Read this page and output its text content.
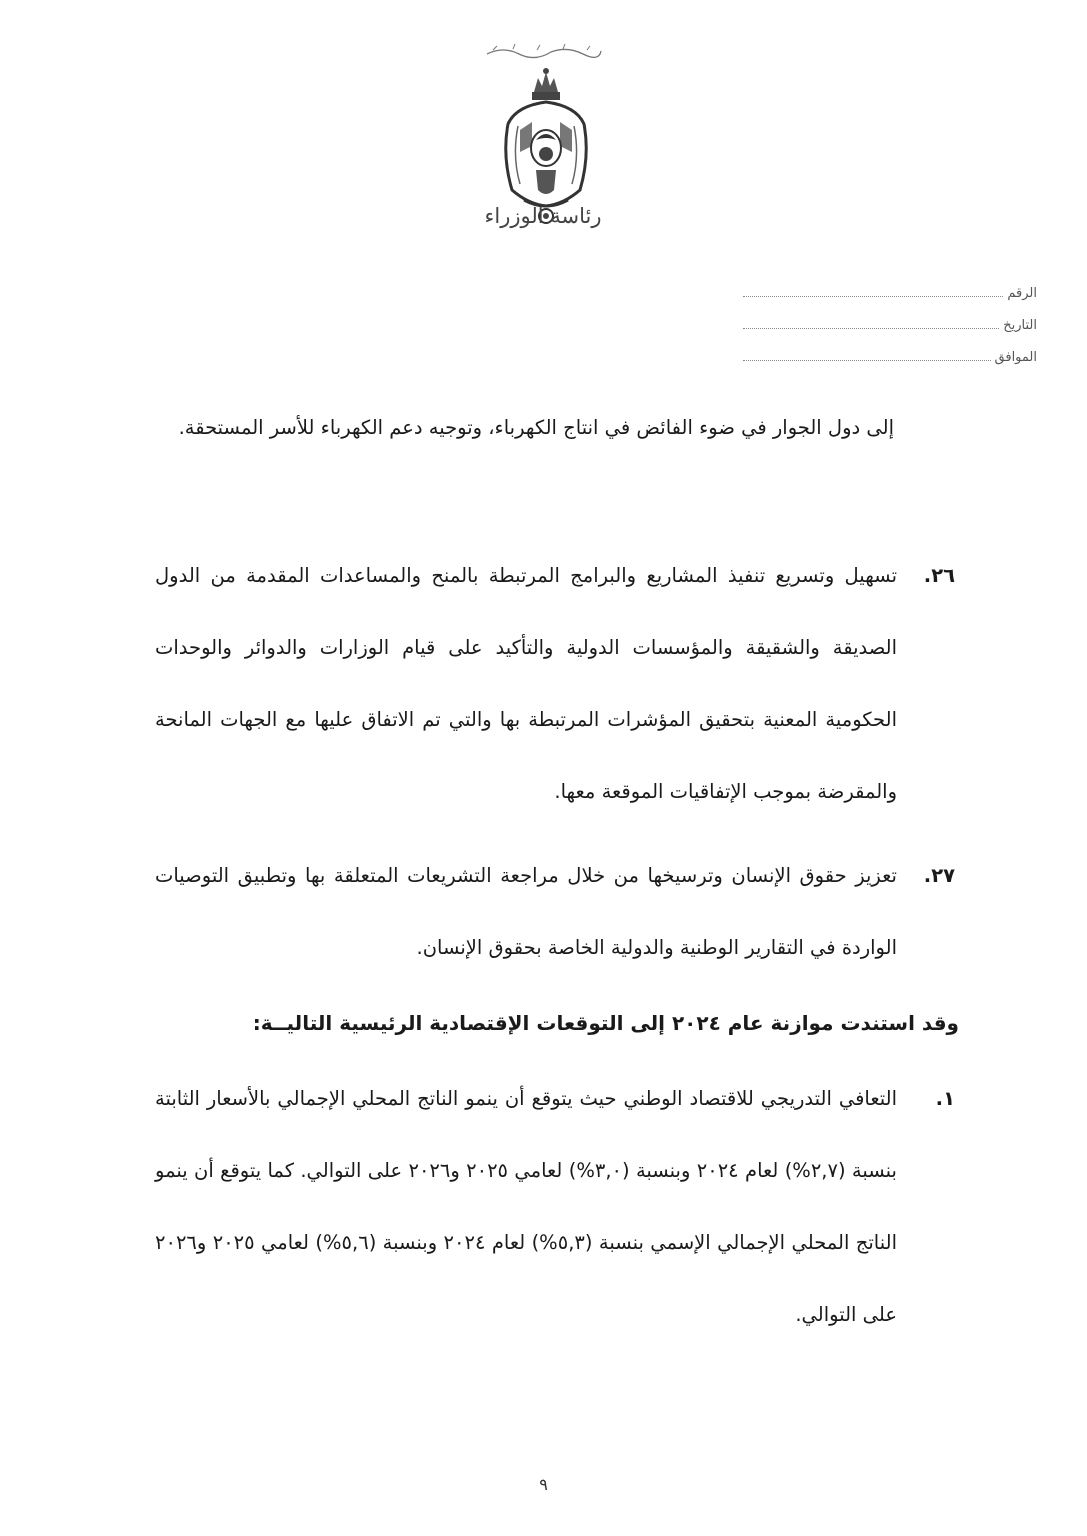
رئاسة الوزراء
الرقم
التاريخ
الموافق
إلى دول الجوار في ضوء الفائض في انتاج الكهرباء، وتوجيه دعم الكهرباء للأسر المستحقة.
٢٦.
تسهيل وتسريع تنفيذ المشاريع والبرامج المرتبطة بالمنح والمساعدات المقدمة من الدول الصديقة والشقيقة والمؤسسات الدولية والتأكيد على قيام الوزارات والدوائر والوحدات الحكومية المعنية بتحقيق المؤشرات المرتبطة بها والتي تم الاتفاق عليها مع الجهات المانحة والمقرضة بموجب الإتفاقيات الموقعة معها.
٢٧.
تعزيز حقوق الإنسان وترسيخها من خلال مراجعة التشريعات المتعلقة بها وتطبيق التوصيات الواردة في التقارير الوطنية والدولية الخاصة بحقوق الإنسان.
وقد استندت موازنة عام ٢٠٢٤ إلى التوقعات الإقتصادية الرئيسية التاليــة:
١.
التعافي التدريجي للاقتصاد الوطني حيث يتوقع أن ينمو الناتج المحلي الإجمالي بالأسعار الثابتة بنسبة (٢,٧%) لعام ٢٠٢٤ وبنسبة (٣,٠%) لعامي ٢٠٢٥ و٢٠٢٦ على التوالي. كما يتوقع أن ينمو الناتج المحلي الإجمالي الإسمي بنسبة (٥,٣%) لعام ٢٠٢٤ وبنسبة (٥,٦%) لعامي ٢٠٢٥ و٢٠٢٦ على التوالي.
٩
